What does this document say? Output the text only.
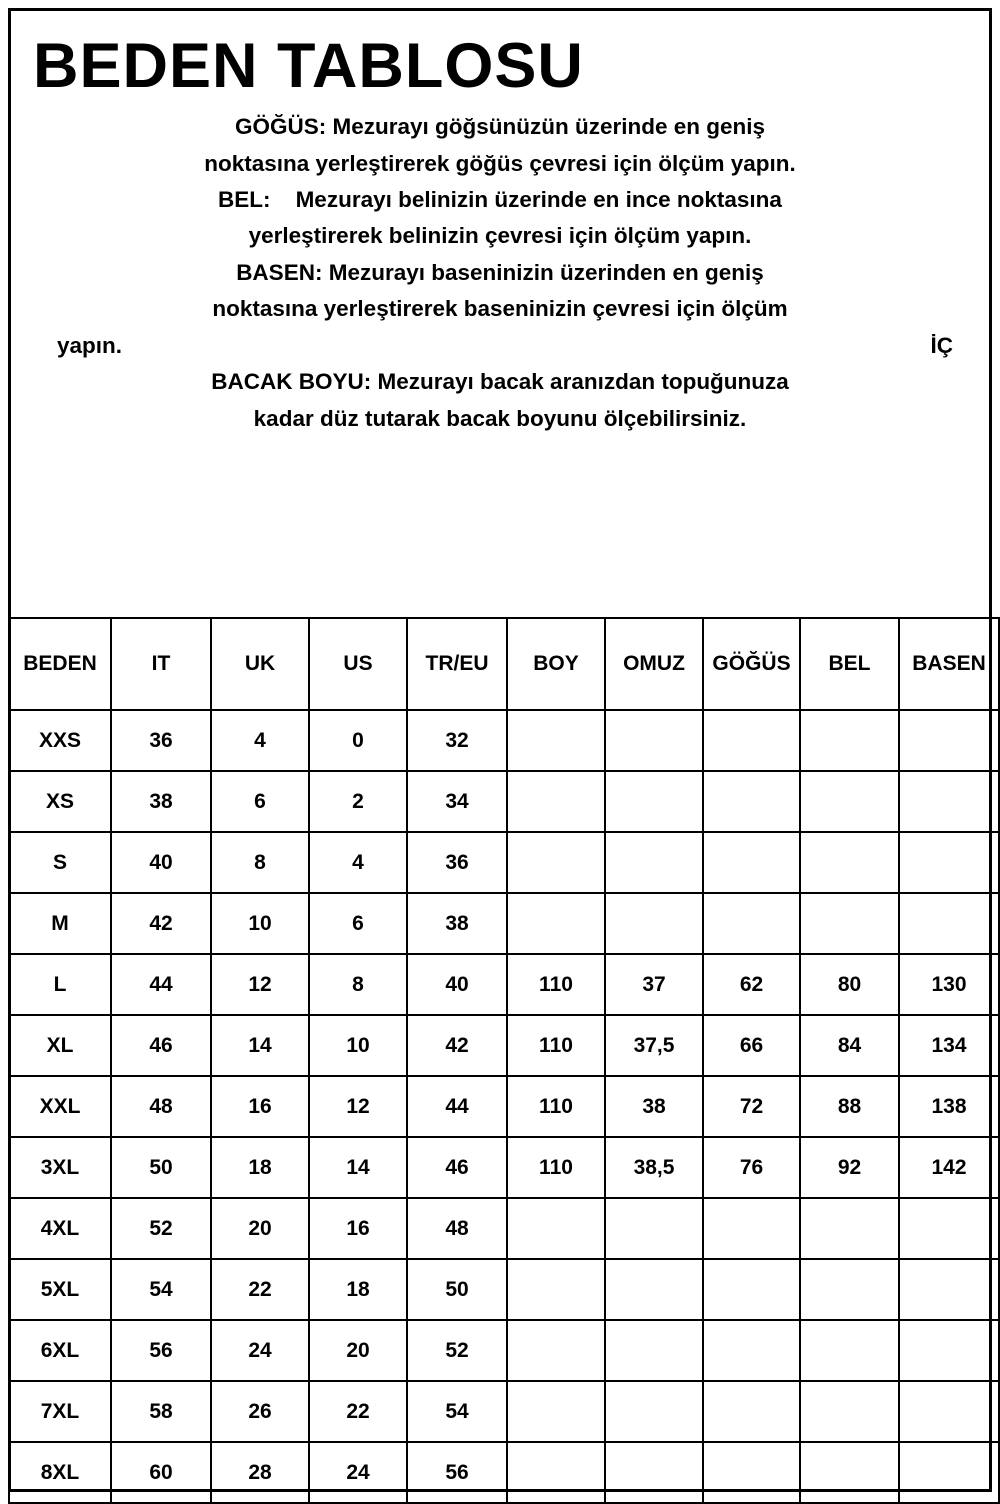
BEDEN TABLOSU

GÖĞÜS: Mezurayı göğsünüzün üzerinde en geniş

noktasına yerleştirerek göğüs çevresi için ölçüm yapın.

BEL: Mezurayı belinizin üzerinde en ince noktasına

yerleştirerek belinizin çevresi için ölçüm yapın.

BASEN: Mezurayı baseninizin üzerinden en geniş

noktasına yerleştirerek baseninizin çevresi için ölçüm

yapın.	İÇ

BACAK BOYU: Mezurayı bacak aranızdan topuğunuza

kadar düz tutarak bacak boyunu ölçebilirsiniz.

BEDEN	IT	UK	US	TR/EU	BOY	OMUZ	GÖĞÜS	BEL	BASEN
XXS	36	4	0	32					
XS	38	6	2	34					
S	40	8	4	36					
M	42	10	6	38					
L	44	12	8	40	110	37	62	80	130
XL	46	14	10	42	110	37,5	66	84	134
XXL	48	16	12	44	110	38	72	88	138
3XL	50	18	14	46	110	38,5	76	92	142
4XL	52	20	16	48					
5XL	54	22	18	50					
6XL	56	24	20	52					
7XL	58	26	22	54					
8XL	60	28	24	56					
